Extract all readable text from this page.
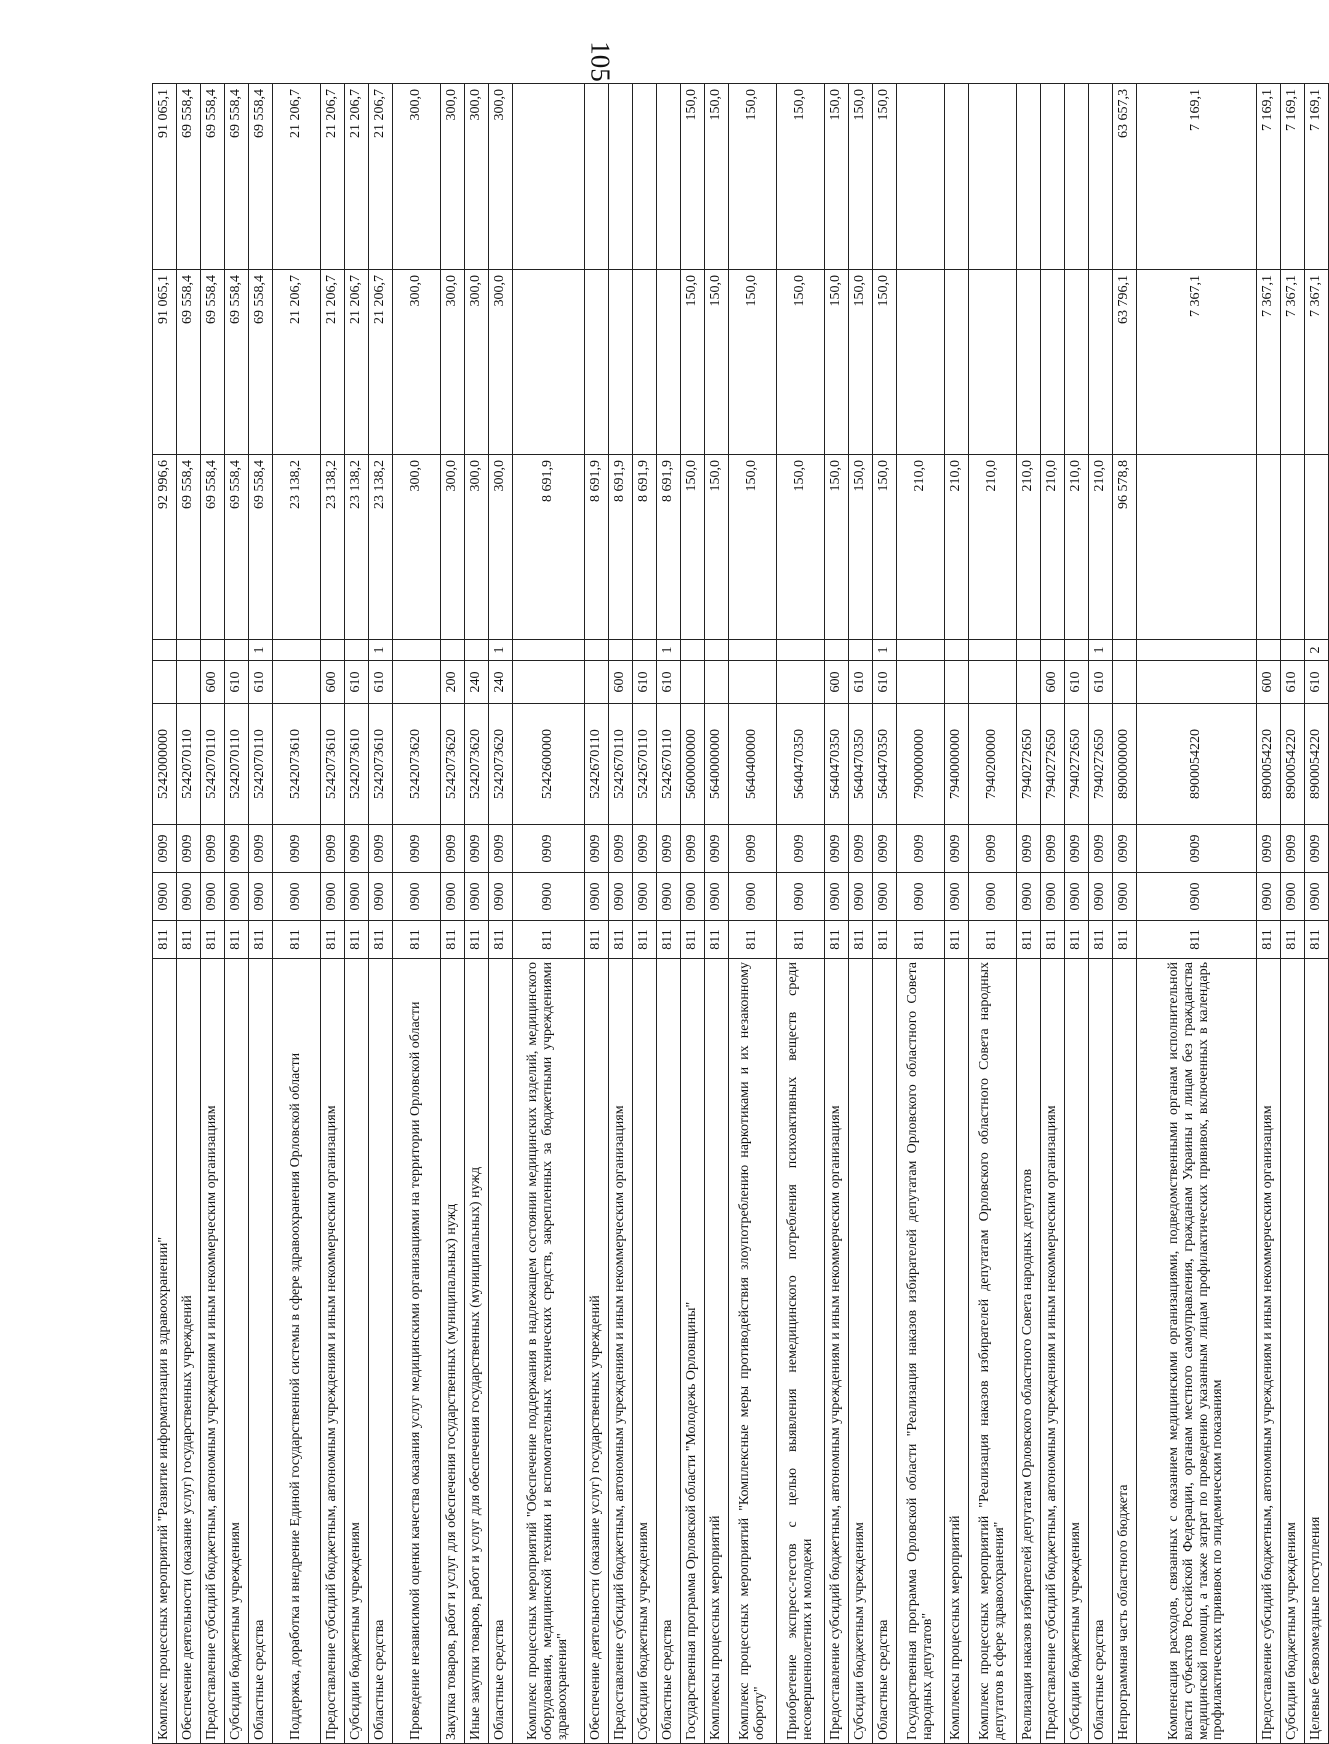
105
Комплекс процессных мероприятий "Развитие информатизации в здравоохранении"	811	0900	0909	5242000000			92 996,6	91 065,1	91 065,1
Обеспечение деятельности (оказание услуг) государственных учреждений	811	0900	0909	5242070110			69 558,4	69 558,4	69 558,4
Предоставление субсидий бюджетным, автономным учреждениям и иным некоммерческим организациям	811	0900	0909	5242070110	600		69 558,4	69 558,4	69 558,4
Субсидии бюджетным учреждениям	811	0900	0909	5242070110	610		69 558,4	69 558,4	69 558,4
Областные средства	811	0900	0909	5242070110	610	1	69 558,4	69 558,4	69 558,4
Поддержка, доработка и внедрение Единой государственной системы в сфере здравоохранения Орловской области	811	0900	0909	5242073610			23 138,2	21 206,7	21 206,7
Предоставление субсидий бюджетным, автономным учреждениям и иным некоммерческим организациям	811	0900	0909	5242073610	600		23 138,2	21 206,7	21 206,7
Субсидии бюджетным учреждениям	811	0900	0909	5242073610	610		23 138,2	21 206,7	21 206,7
Областные средства	811	0900	0909	5242073610	610	1	23 138,2	21 206,7	21 206,7
Проведение независимой оценки качества оказания услуг медицинскими организациями на территории Орловской области	811	0900	0909	5242073620			300,0	300,0	300,0
Закупка товаров, работ и услуг для обеспечения государственных (муниципальных) нужд	811	0900	0909	5242073620	200		300,0	300,0	300,0
Иные закупки товаров, работ и услуг для обеспечения государственных (муниципальных) нужд	811	0900	0909	5242073620	240		300,0	300,0	300,0
Областные средства	811	0900	0909	5242073620	240	1	300,0	300,0	300,0
Комплекс процессных мероприятий "Обеспечение поддержания в надлежащем состоянии медицинских изделий, медицинского оборудования, медицинской техники и вспомогательных технических средств, закрепленных за бюджетными учреждениями здравоохранения"	811	0900	0909	5242600000			8 691,9		
Обеспечение деятельности (оказание услуг) государственных учреждений	811	0900	0909	5242670110			8 691,9		
Предоставление субсидий бюджетным, автономным учреждениям и иным некоммерческим организациям	811	0900	0909	5242670110	600		8 691,9		
Субсидии бюджетным учреждениям	811	0900	0909	5242670110	610		8 691,9		
Областные средства	811	0900	0909	5242670110	610	1	8 691,9		
Государственная программа Орловской области "Молодежь Орловщины"	811	0900	0909	5600000000			150,0	150,0	150,0
Комплексы процессных мероприятий	811	0900	0909	5640000000			150,0	150,0	150,0
Комплекс процессных мероприятий "Комплексные меры противодействия злоупотреблению наркотиками и их незаконному обороту"	811	0900	0909	5640400000			150,0	150,0	150,0
Приобретение экспресс-тестов с целью выявления немедицинского потребления психоактивных веществ среди несовершеннолетних и молодежи	811	0900	0909	5640470350			150,0	150,0	150,0
Предоставление субсидий бюджетным, автономным учреждениям и иным некоммерческим организациям	811	0900	0909	5640470350	600		150,0	150,0	150,0
Субсидии бюджетным учреждениям	811	0900	0909	5640470350	610		150,0	150,0	150,0
Областные средства	811	0900	0909	5640470350	610	1	150,0	150,0	150,0
Государственная программа Орловской области "Реализация наказов избирателей депутатам Орловского областного Совета народных депутатов"	811	0900	0909	7900000000			210,0		
Комплексы процессных мероприятий	811	0900	0909	7940000000			210,0		
Комплекс процессных мероприятий "Реализация наказов избирателей депутатам Орловского областного Совета народных депутатов в сфере здравоохранения"	811	0900	0909	7940200000			210,0		
Реализация наказов избирателей депутатам Орловского областного Совета народных депутатов	811	0900	0909	7940272650			210,0		
Предоставление субсидий бюджетным, автономным учреждениям и иным некоммерческим организациям	811	0900	0909	7940272650	600		210,0		
Субсидии бюджетным учреждениям	811	0900	0909	7940272650	610		210,0		
Областные средства	811	0900	0909	7940272650	610	1	210,0		
Непрограммная часть областного бюджета	811	0900	0909	8900000000			96 578,8	63 796,1	63 657,3
Компенсация расходов, связанных с оказанием медицинскими организациями, подведомственными органам исполнительной власти субъектов Российской Федерации, органам местного самоуправления, гражданам Украины и лицам без гражданства медицинской помощи, а также затрат по проведению указанным лицам профилактических прививок, включенных в календарь профилактических прививок по эпидемическим показаниям	811	0900	0909	8900054220				7 367,1	7 169,1
Предоставление субсидий бюджетным, автономным учреждениям и иным некоммерческим организациям	811	0900	0909	8900054220	600			7 367,1	7 169,1
Субсидии бюджетным учреждениям	811	0900	0909	8900054220	610			7 367,1	7 169,1
Целевые безвозмездные поступления	811	0900	0909	8900054220	610	2		7 367,1	7 169,1
